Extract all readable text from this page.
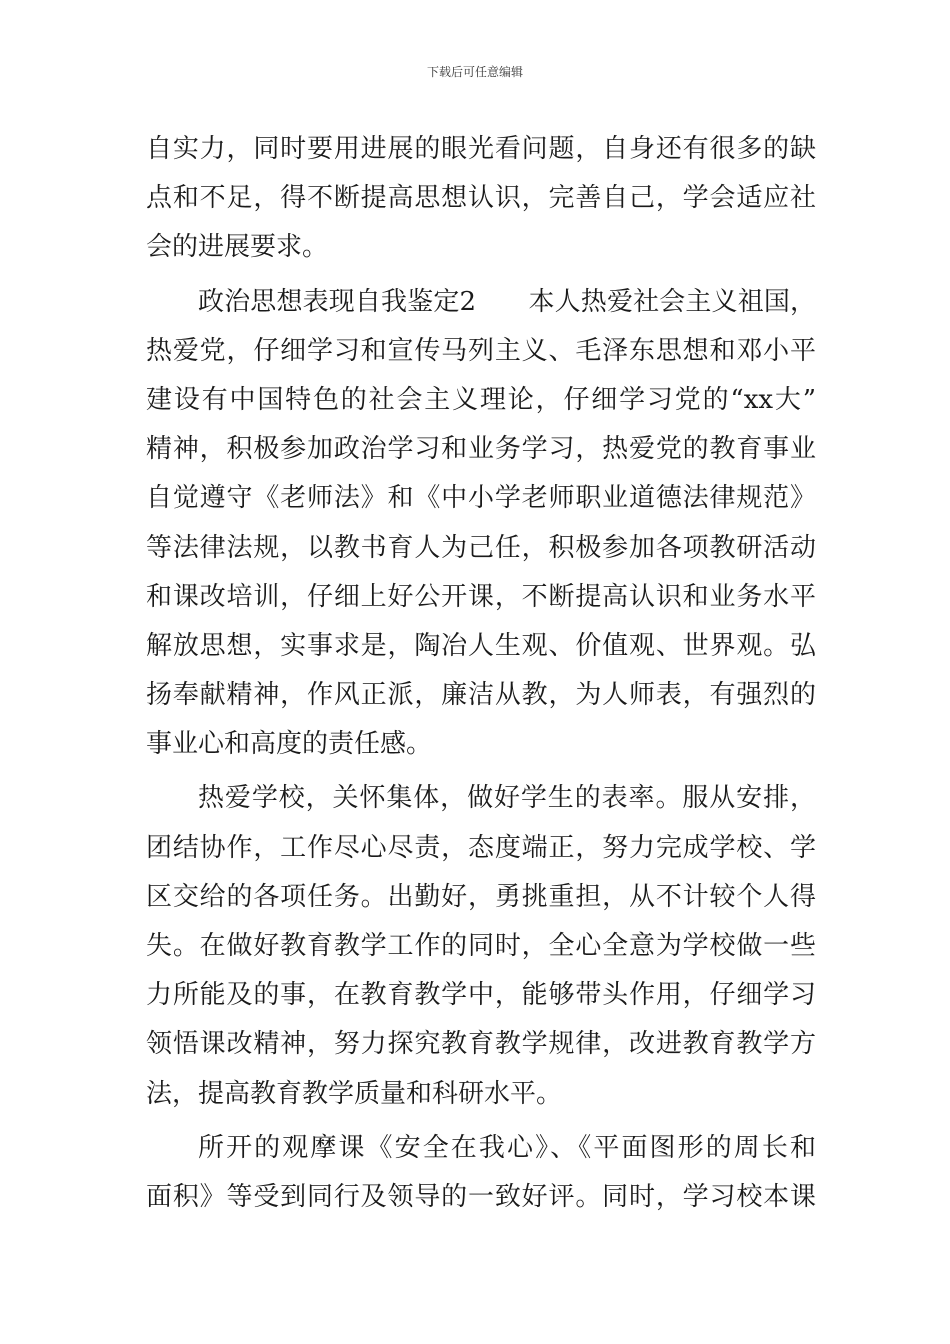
下载后可任意编辑
自实力，同时要用进展的眼光看问题，自身还有很多的缺
点和不足，得不断提高思想认识，完善自己，学会适应社
会的进展要求。
政治思想表现自我鉴定2　　本人热爱社会主义祖国，
热爱党，仔细学习和宣传马列主义、毛泽东思想和邓小平
建设有中国特色的社会主义理论，仔细学习党的“xx大”
精神，积极参加政治学习和业务学习，热爱党的教育事业
自觉遵守《老师法》和《中小学老师职业道德法律规范》
等法律法规，以教书育人为己任，积极参加各项教研活动
和课改培训，仔细上好公开课，不断提高认识和业务水平
解放思想，实事求是，陶冶人生观、价值观、世界观。弘
扬奉献精神，作风正派，廉洁从教，为人师表，有强烈的
事业心和高度的责任感。
热爱学校，关怀集体，做好学生的表率。服从安排，
团结协作，工作尽心尽责，态度端正，努力完成学校、学
区交给的各项任务。出勤好，勇挑重担，从不计较个人得
失。在做好教育教学工作的同时，全心全意为学校做一些
力所能及的事，在教育教学中，能够带头作用，仔细学习
领悟课改精神，努力探究教育教学规律，改进教育教学方
法，提高教育教学质量和科研水平。
所开的观摩课《安全在我心》、《平面图形的周长和
面积》等受到同行及领导的一致好评。同时，学习校本课
